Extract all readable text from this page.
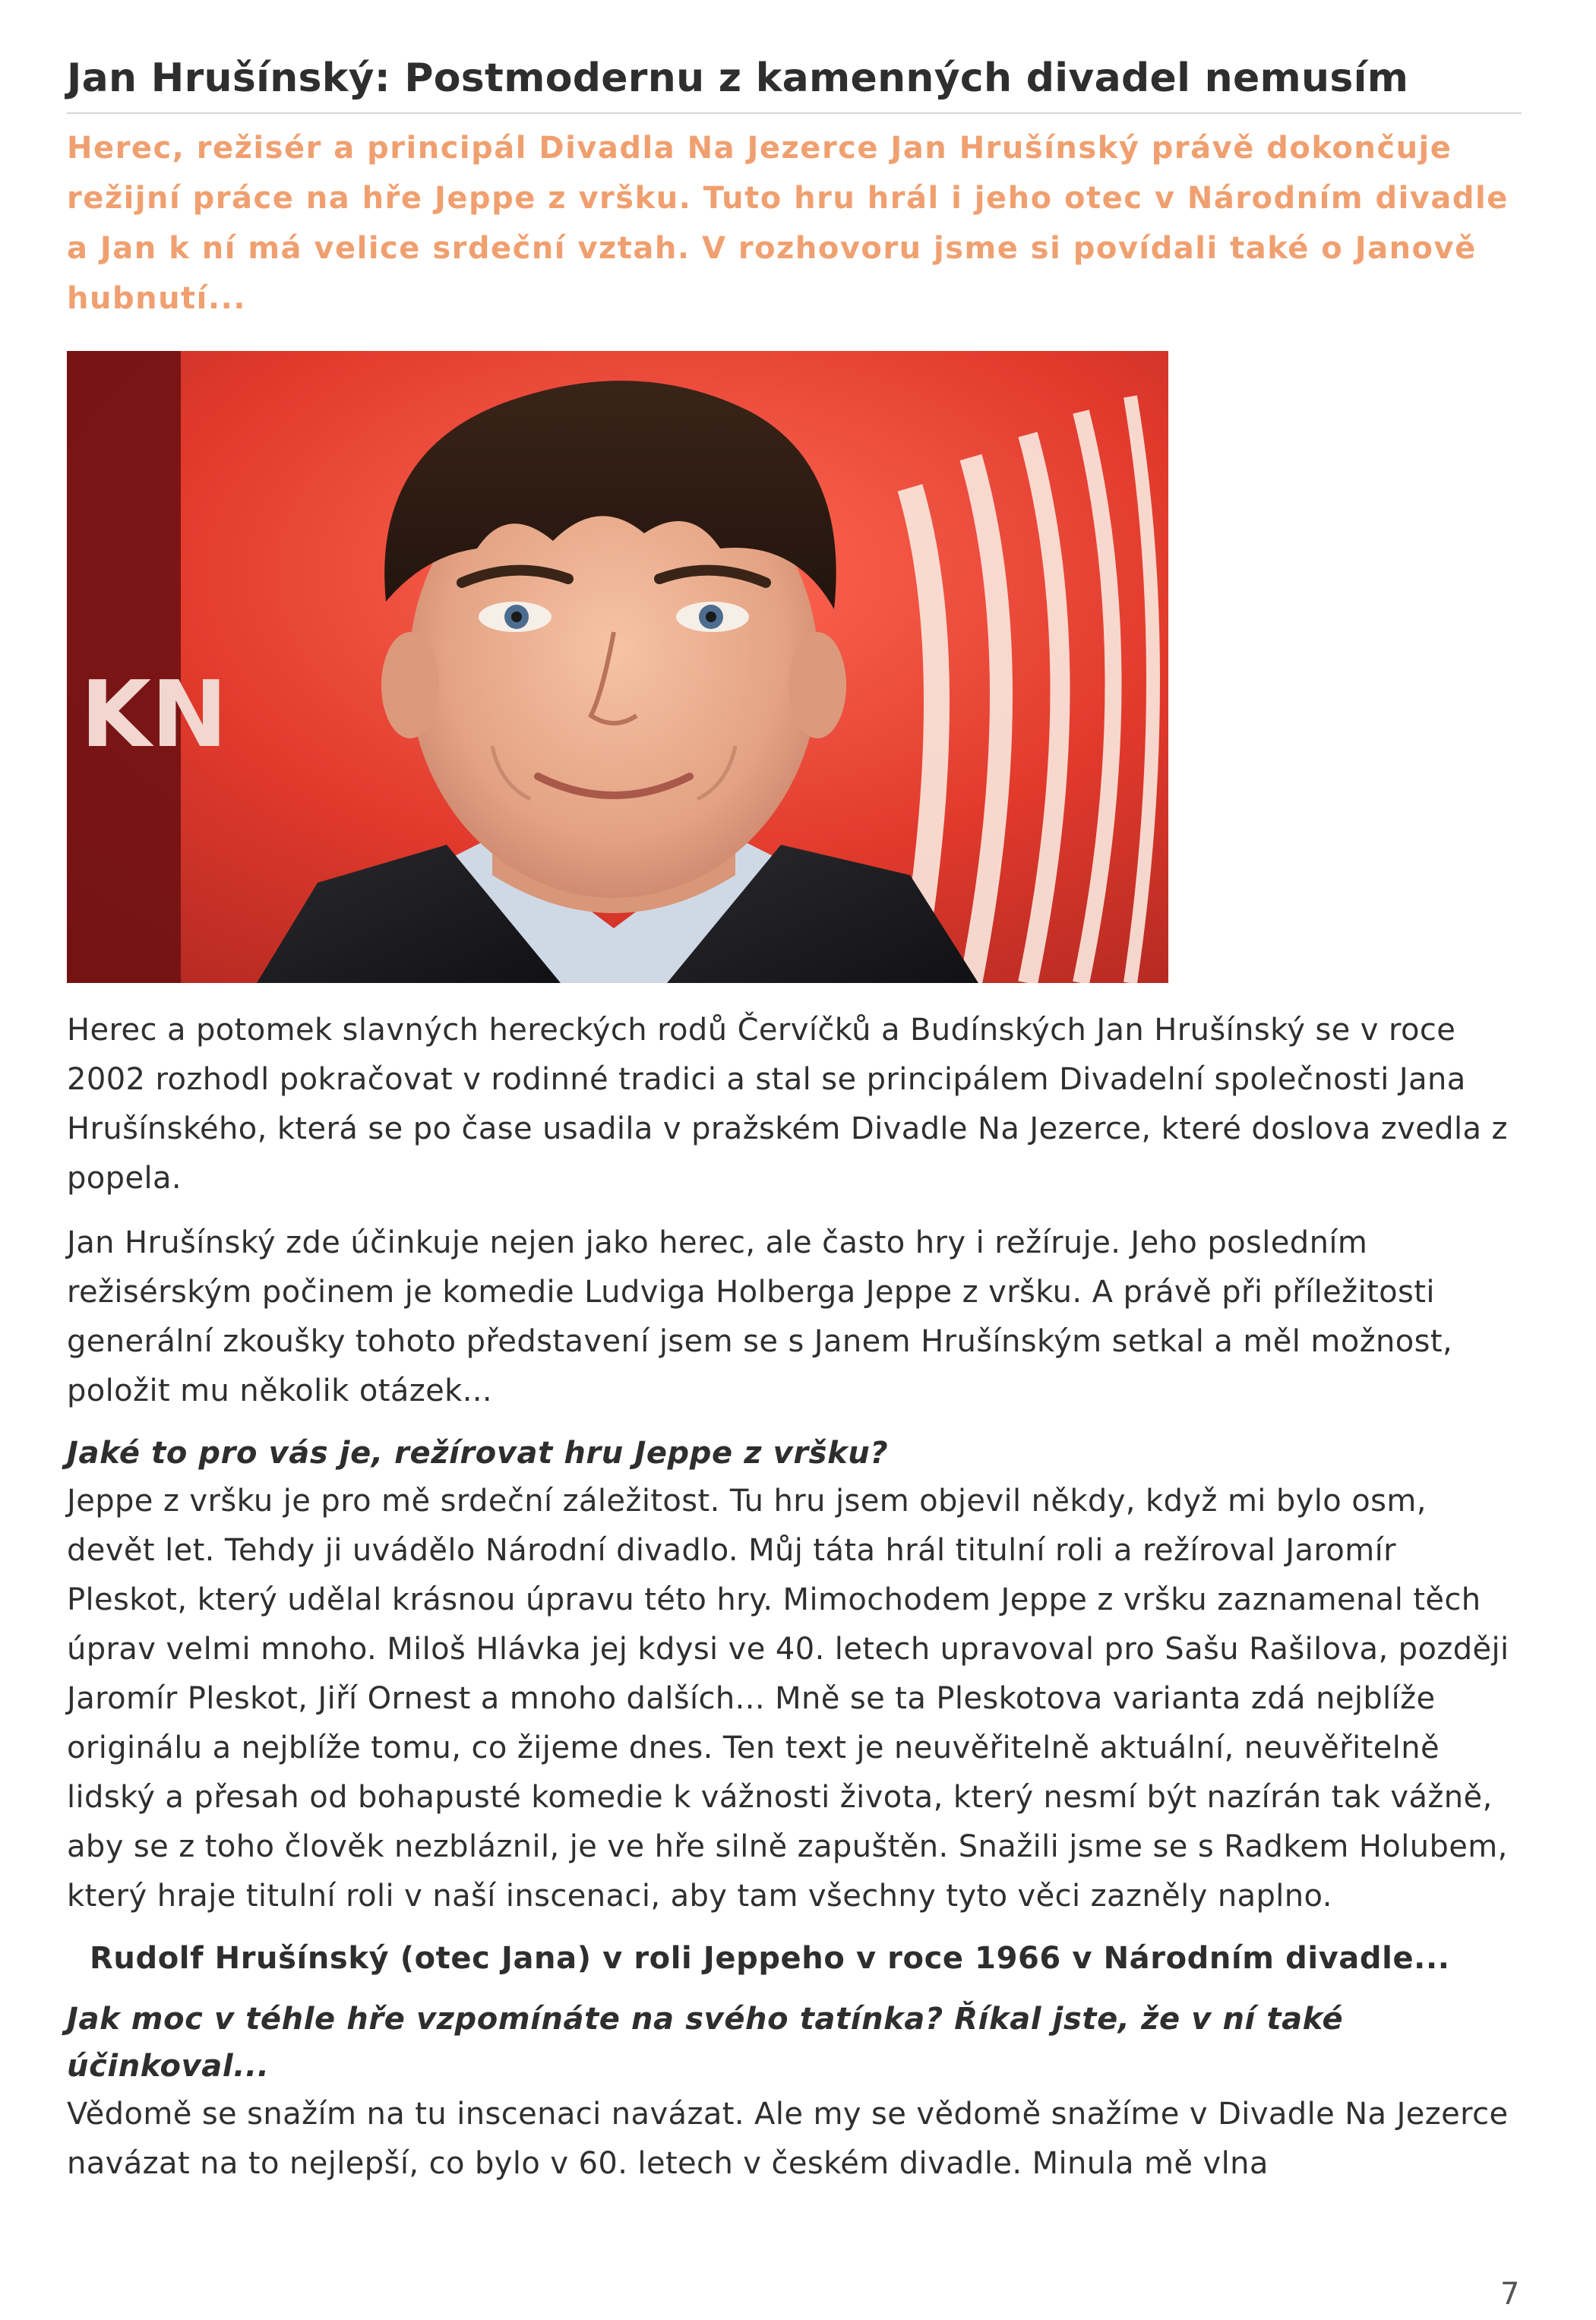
Jan Hrušínský: Postmodernu z kamenných divadel nemusím

Herec, režisér a principál Divadla Na Jezerce Jan Hrušínský právě dokončuje režijní práce na hře Jeppe z vršku. Tuto hru hrál i jeho otec v Národním divadle a Jan k ní má velice srdeční vztah. V rozhovoru jsme si povídali také o Janově hubnutí...

KN

Herec a potomek slavných hereckých rodů Červíčků a Budínských Jan Hrušínský se v roce 2002 rozhodl pokračovat v rodinné tradici a stal se principálem Divadelní společnosti Jana Hrušínského, která se po čase usadila v pražském Divadle Na Jezerce, které doslova zvedla z popela.

Jan Hrušínský zde účinkuje nejen jako herec, ale často hry i režíruje. Jeho posledním režisérským počinem je komedie Ludviga Holberga Jeppe z vršku. A právě při příležitosti generální zkoušky tohoto představení jsem se s Janem Hrušínským setkal a měl možnost, položit mu několik otázek...

Jaké to pro vás je, režírovat hru Jeppe z vršku?

Jeppe z vršku je pro mě srdeční záležitost. Tu hru jsem objevil někdy, když mi bylo osm, devět let. Tehdy ji uvádělo Národní divadlo. Můj táta hrál titulní roli a režíroval Jaromír Pleskot, který udělal krásnou úpravu této hry. Mimochodem Jeppe z vršku zaznamenal těch úprav velmi mnoho. Miloš Hlávka jej kdysi ve 40. letech upravoval pro Sašu Rašilova, později Jaromír Pleskot, Jiří Ornest a mnoho dalších... Mně se ta Pleskotova varianta zdá nejblíže originálu a nejblíže tomu, co žijeme dnes. Ten text je neuvěřitelně aktuální, neuvěřitelně lidský a přesah od bohapusté komedie k vážnosti života, který nesmí být nazírán tak vážně, aby se z toho člověk nezbláznil, je ve hře silně zapuštěn. Snažili jsme se s Radkem Holubem, který hraje titulní roli v naší inscenaci, aby tam všechny tyto věci zazněly naplno.

Rudolf Hrušínský (otec Jana) v roli Jeppeho v roce 1966 v Národním divadle...

Jak moc v téhle hře vzpomínáte na svého tatínka? Říkal jste, že v ní také účinkoval...

Vědomě se snažím na tu inscenaci navázat. Ale my se vědomě snažíme v Divadle Na Jezerce navázat na to nejlepší, co bylo v 60. letech v českém divadle. Minula mě vlna

7
